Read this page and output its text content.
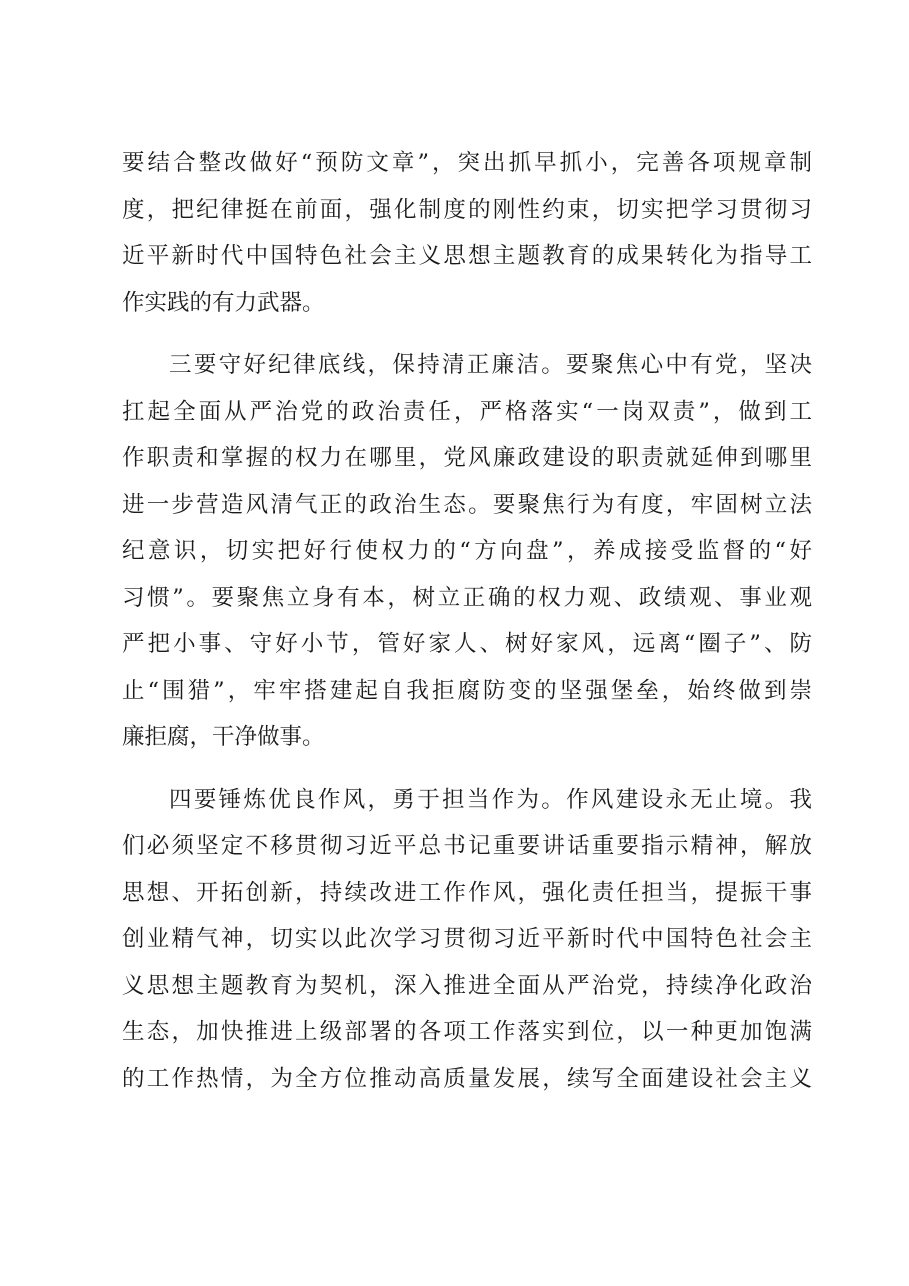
要结合整改做好“预防文章”，突出抓早抓小，完善各项规章制
度，把纪律挺在前面，强化制度的刚性约束，切实把学习贯彻习
近平新时代中国特色社会主义思想主题教育的成果转化为指导工
作实践的有力武器。
三要守好纪律底线，保持清正廉洁。要聚焦心中有党，坚决
扛起全面从严治党的政治责任，严格落实“一岗双责”，做到工
作职责和掌握的权力在哪里，党风廉政建设的职责就延伸到哪里
进一步营造风清气正的政治生态。要聚焦行为有度，牢固树立法
纪意识，切实把好行使权力的“方向盘”，养成接受监督的“好
习惯”。要聚焦立身有本，树立正确的权力观、政绩观、事业观
严把小事、守好小节，管好家人、树好家风，远离“圈子”、防
止“围猎”，牢牢搭建起自我拒腐防变的坚强堡垒，始终做到崇
廉拒腐，干净做事。
四要锤炼优良作风，勇于担当作为。作风建设永无止境。我
们必须坚定不移贯彻习近平总书记重要讲话重要指示精神，解放
思想、开拓创新，持续改进工作作风，强化责任担当，提振干事
创业精气神，切实以此次学习贯彻习近平新时代中国特色社会主
义思想主题教育为契机，深入推进全面从严治党，持续净化政治
生态，加快推进上级部署的各项工作落实到位，以一种更加饱满
的工作热情，为全方位推动高质量发展，续写全面建设社会主义
